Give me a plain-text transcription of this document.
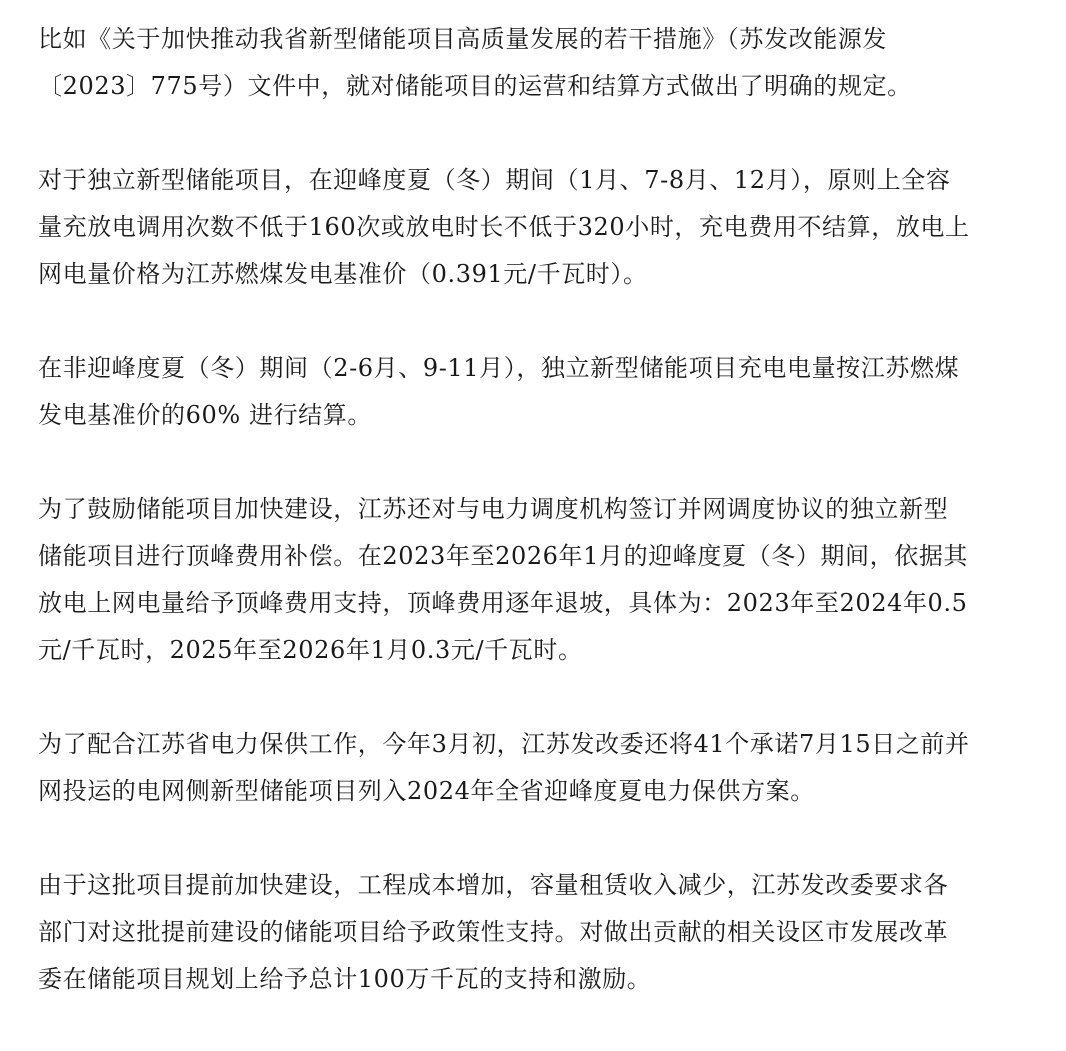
比如《关于加快推动我省新型储能项目高质量发展的若干措施》（苏发改能源发
〔2023〕775号）文件中，就对储能项目的运营和结算方式做出了明确的规定。

对于独立新型储能项目，在迎峰度夏（冬）期间（1月、7-8月、12月），原则上全容
量充放电调用次数不低于160次或放电时长不低于320小时，充电费用不结算，放电上
网电量价格为江苏燃煤发电基准价（0.391元/千瓦时）。

在非迎峰度夏（冬）期间（2-6月、9-11月），独立新型储能项目充电电量按江苏燃煤
发电基准价的60% 进行结算。

为了鼓励储能项目加快建设，江苏还对与电力调度机构签订并网调度协议的独立新型
储能项目进行顶峰费用补偿。在2023年至2026年1月的迎峰度夏（冬）期间，依据其
放电上网电量给予顶峰费用支持，顶峰费用逐年退坡，具体为：2023年至2024年0.5
元/千瓦时，2025年至2026年1月0.3元/千瓦时。

为了配合江苏省电力保供工作，今年3月初，江苏发改委还将41个承诺7月15日之前并
网投运的电网侧新型储能项目列入2024年全省迎峰度夏电力保供方案。

由于这批项目提前加快建设，工程成本增加，容量租赁收入减少，江苏发改委要求各
部门对这批提前建设的储能项目给予政策性支持。对做出贡献的相关设区市发展改革
委在储能项目规划上给予总计100万千瓦的支持和激励。
